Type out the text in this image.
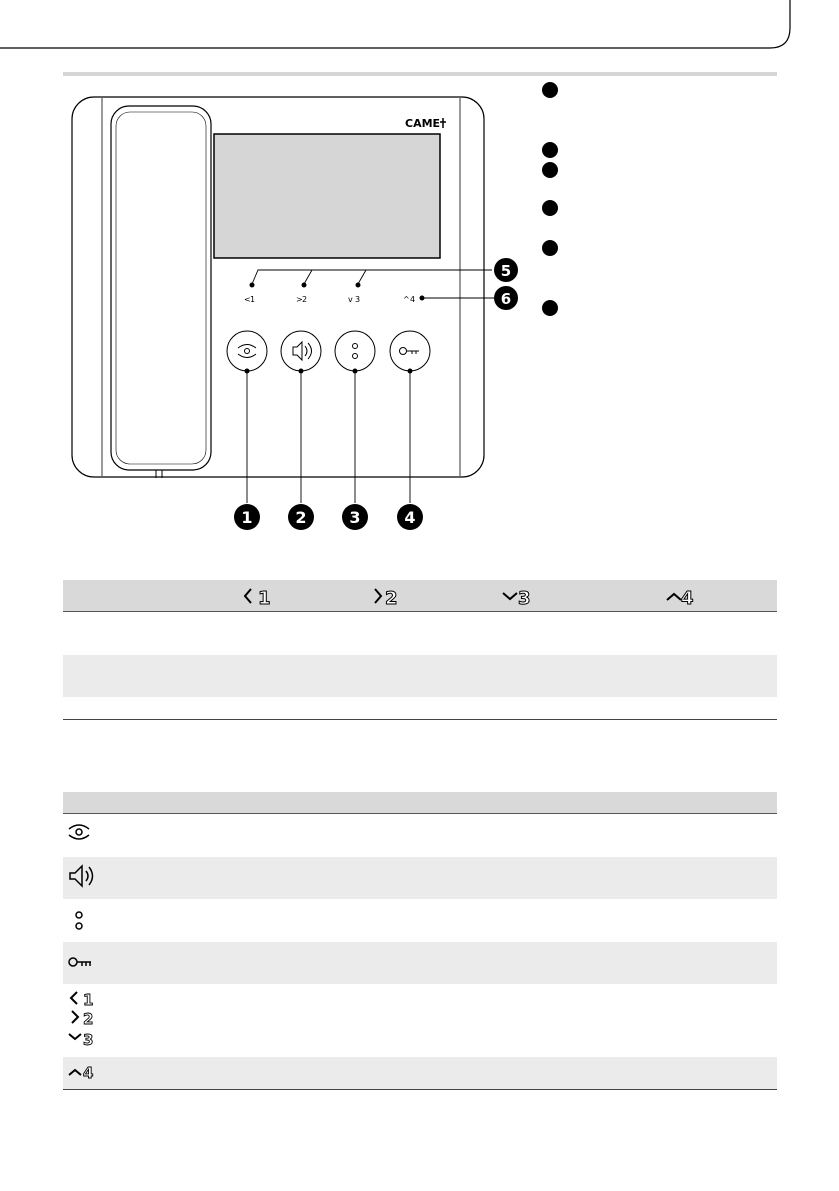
CAME
< 1	> 2	v 3	^ 4
5
6
1	2	3	4
1	2	3	4
1
2
3
4
